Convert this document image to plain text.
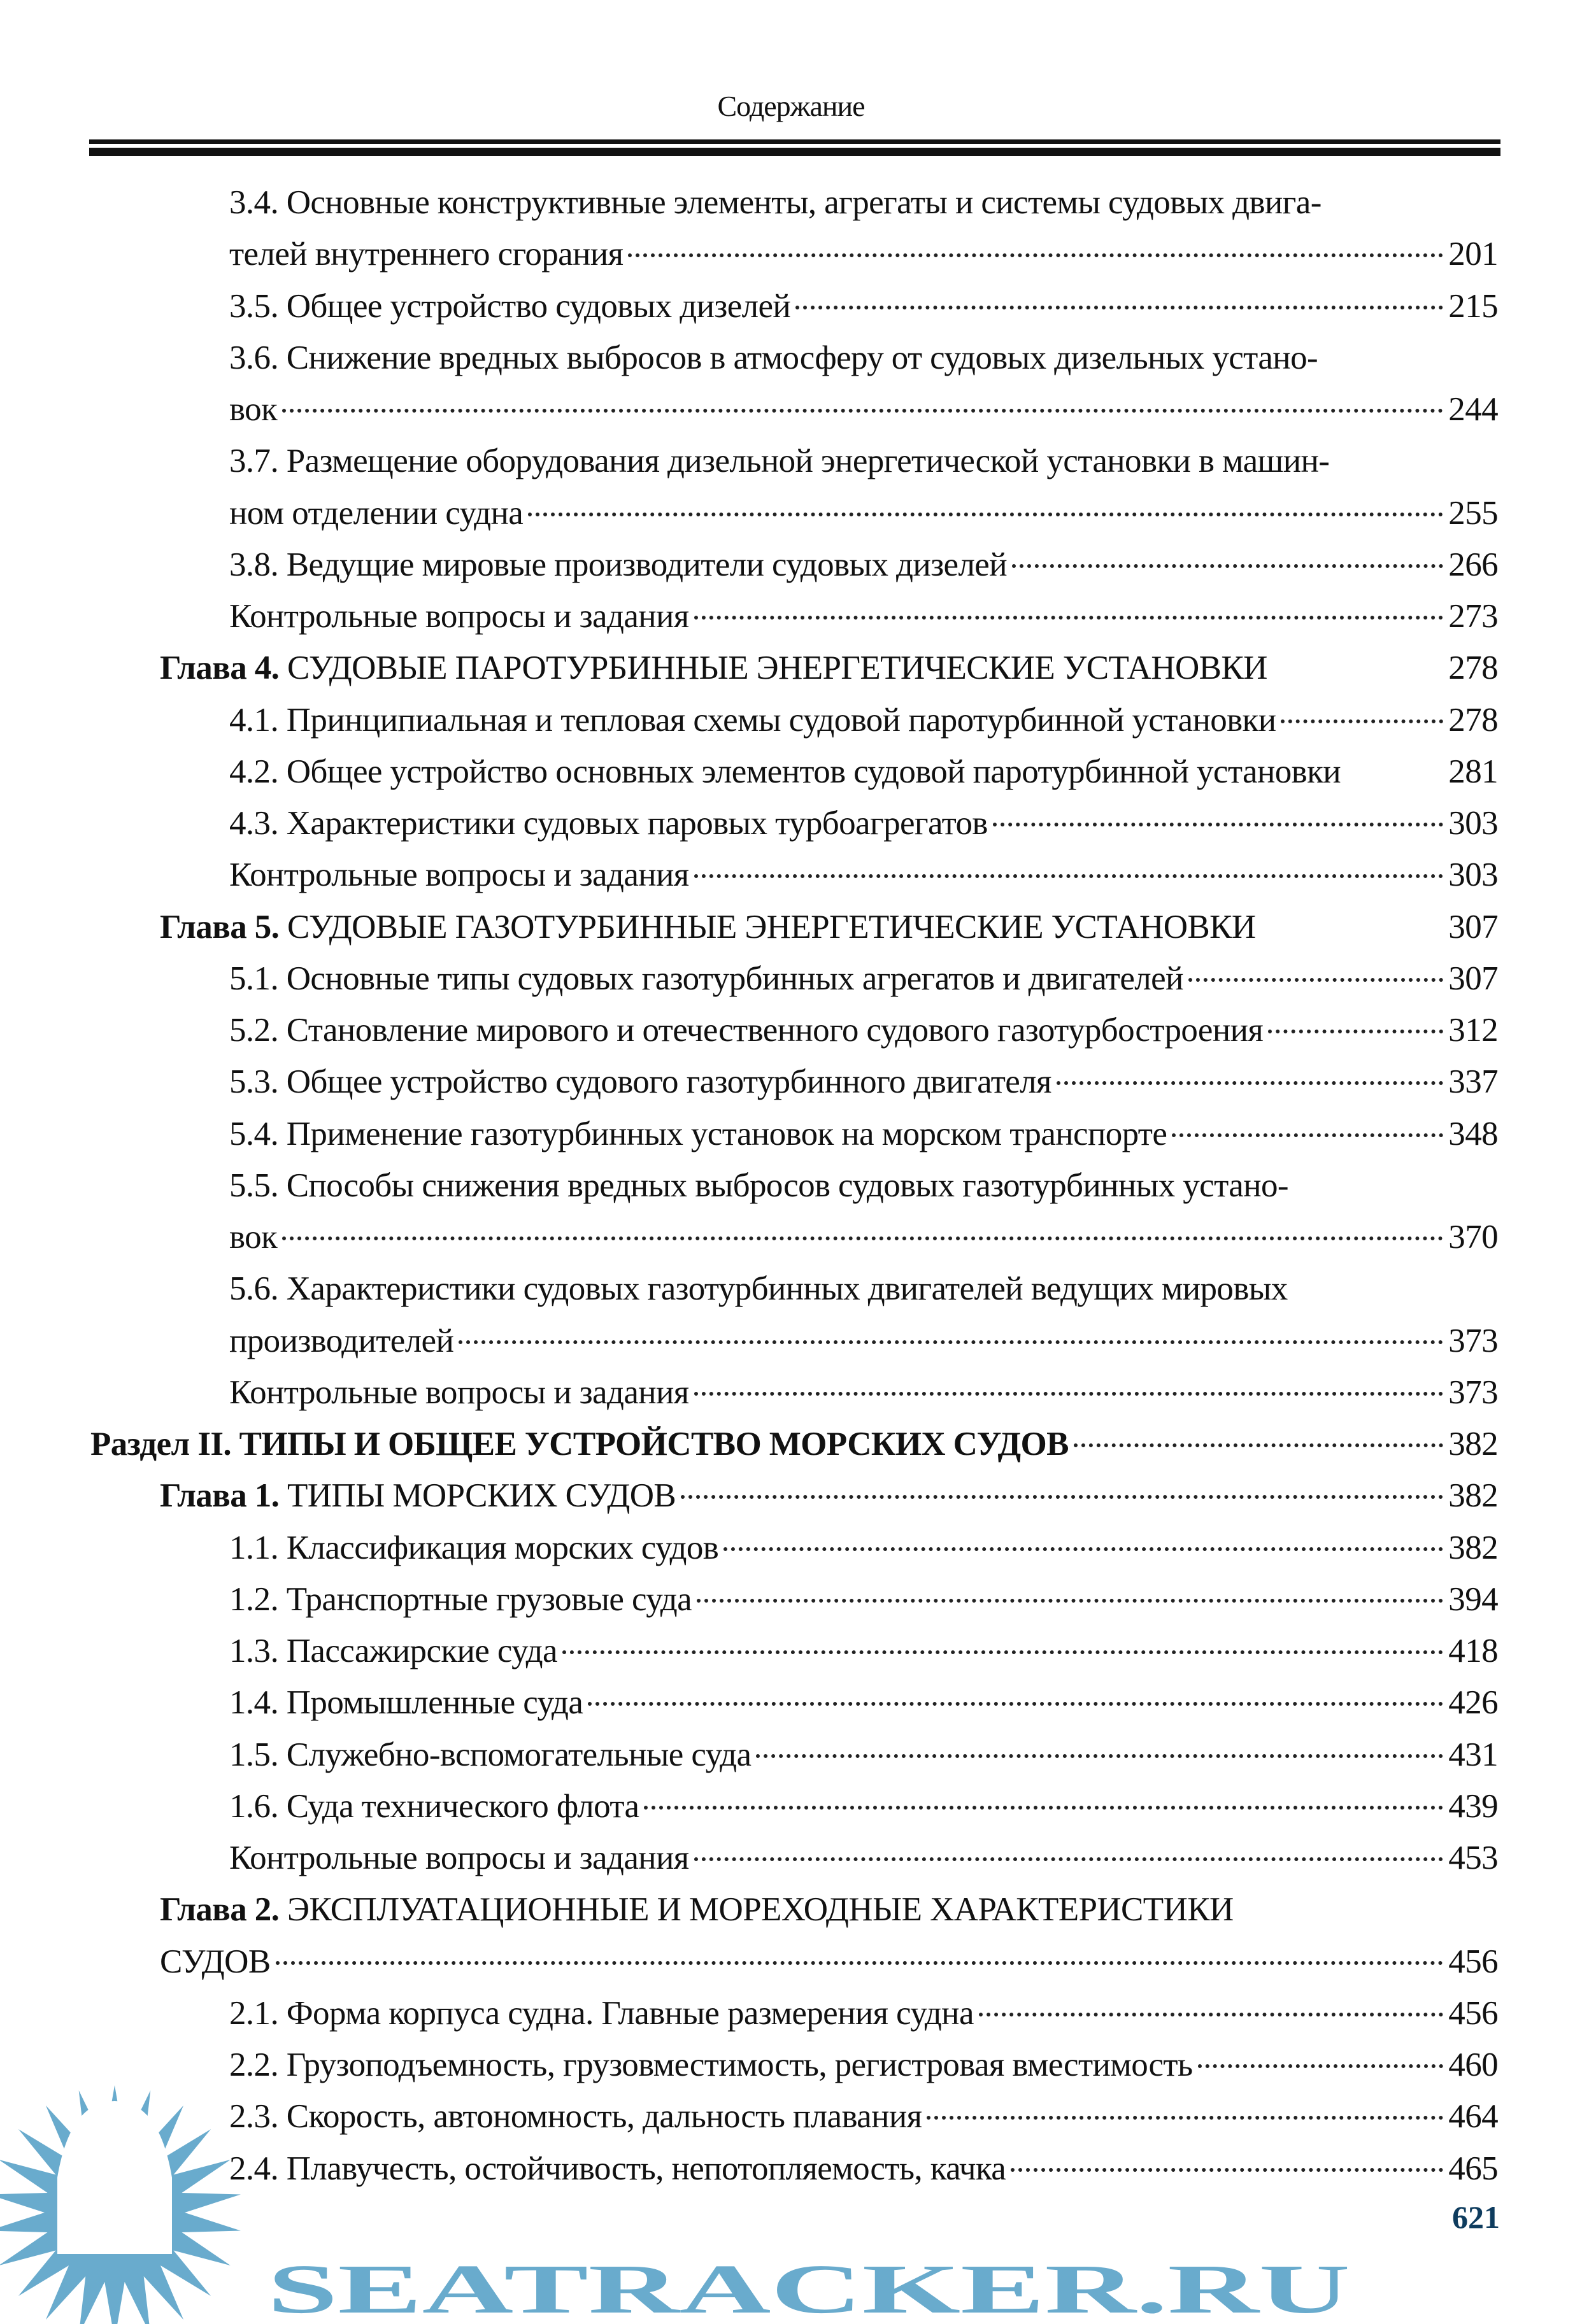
Содержание
3.4. Основные конструктивные элементы, агрегаты и системы судовых двига-
телей внутреннего сгорания	201
3.5. Общее устройство судовых дизелей	215
3.6. Снижение вредных выбросов в атмосферу от судовых дизельных устано-
вок	244
3.7. Размещение оборудования дизельной энергетической установки в машин-
ном отделении судна	255
3.8. Ведущие мировые производители судовых дизелей	266
Контрольные вопросы и задания	273
Глава 4. СУДОВЫЕ ПАРОТУРБИННЫЕ ЭНЕРГЕТИЧЕСКИЕ УСТАНОВКИ	278
4.1. Принципиальная и тепловая схемы судовой паротурбинной установки	278
4.2. Общее устройство основных элементов судовой паротурбинной установки	281
4.3. Характеристики судовых паровых турбоагрегатов	303
Контрольные вопросы и задания	303
Глава 5. СУДОВЫЕ ГАЗОТУРБИННЫЕ ЭНЕРГЕТИЧЕСКИЕ УСТАНОВКИ	307
5.1. Основные типы судовых газотурбинных агрегатов и двигателей	307
5.2. Становление мирового и отечественного судового газотурбостроения	312
5.3. Общее устройство судового газотурбинного двигателя	337
5.4. Применение газотурбинных установок на морском транспорте	348
5.5. Способы снижения вредных выбросов судовых газотурбинных устано-
вок	370
5.6. Характеристики судовых газотурбинных двигателей ведущих мировых
производителей	373
Контрольные вопросы и задания	373
Раздел II. ТИПЫ И ОБЩЕЕ УСТРОЙСТВО МОРСКИХ СУДОВ	382
Глава 1. ТИПЫ МОРСКИХ СУДОВ	382
1.1. Классификация морских судов	382
1.2. Транспортные грузовые суда	394
1.3. Пассажирские суда	418
1.4. Промышленные суда	426
1.5. Служебно-вспомогательные суда	431
1.6. Суда технического флота	439
Контрольные вопросы и задания	453
Глава 2. ЭКСПЛУАТАЦИОННЫЕ И МОРЕХОДНЫЕ ХАРАКТЕРИСТИКИ
СУДОВ	456
2.1. Форма корпуса судна. Главные размерения судна	456
2.2. Грузоподъемность, грузовместимость, регистровая вместимость	460
2.3. Скорость, автономность, дальность плавания	464
2.4. Плавучесть, остойчивость, непотопляемость, качка	465
SEATRACKER.RU
621
